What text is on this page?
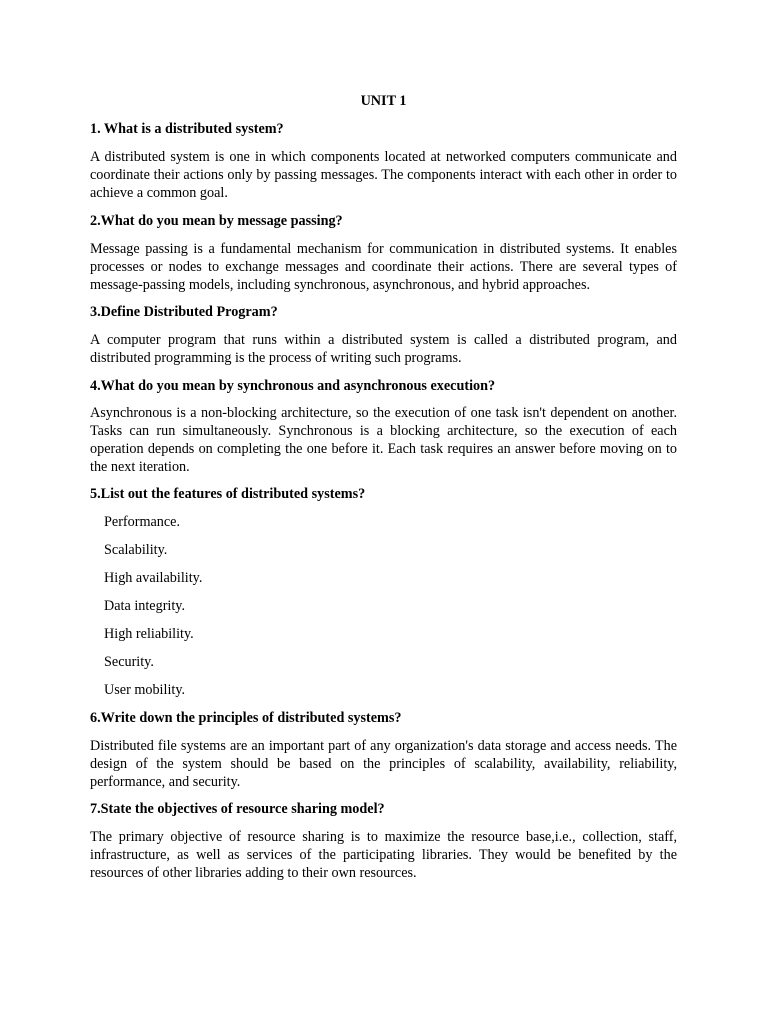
UNIT 1

1. What is a distributed system?

A distributed system is one in which components located at networked computers communicate and coordinate their actions only by passing messages. The components interact with each other in order to achieve a common goal.

2.What do you mean by message passing?

Message passing is a fundamental mechanism for communication in distributed systems. It enables processes or nodes to exchange messages and coordinate their actions. There are several types of message-passing models, including synchronous, asynchronous, and hybrid approaches.

3.Define Distributed Program?

A computer program that runs within a distributed system is called a distributed program, and distributed programming is the process of writing such programs.

4.What do you mean by synchronous and asynchronous execution?

Asynchronous is a non-blocking architecture, so the execution of one task isn't dependent on another. Tasks can run simultaneously. Synchronous is a blocking architecture, so the execution of each operation depends on completing the one before it. Each task requires an answer before moving on to the next iteration.

5.List out the features of distributed systems?

Performance.

Scalability.

High availability.

Data integrity.

High reliability.

Security.

User mobility.

6.Write down the principles of distributed systems?

Distributed file systems are an important part of any organization's data storage and access needs. The design of the system should be based on the principles of scalability, availability, reliability, performance, and security.

7.State the objectives of resource sharing model?

The primary objective of resource sharing is to maximize the resource base,i.e., collection, staff, infrastructure, as well as services of the participating libraries. They would be benefited by the resources of other libraries adding to their own resources.
